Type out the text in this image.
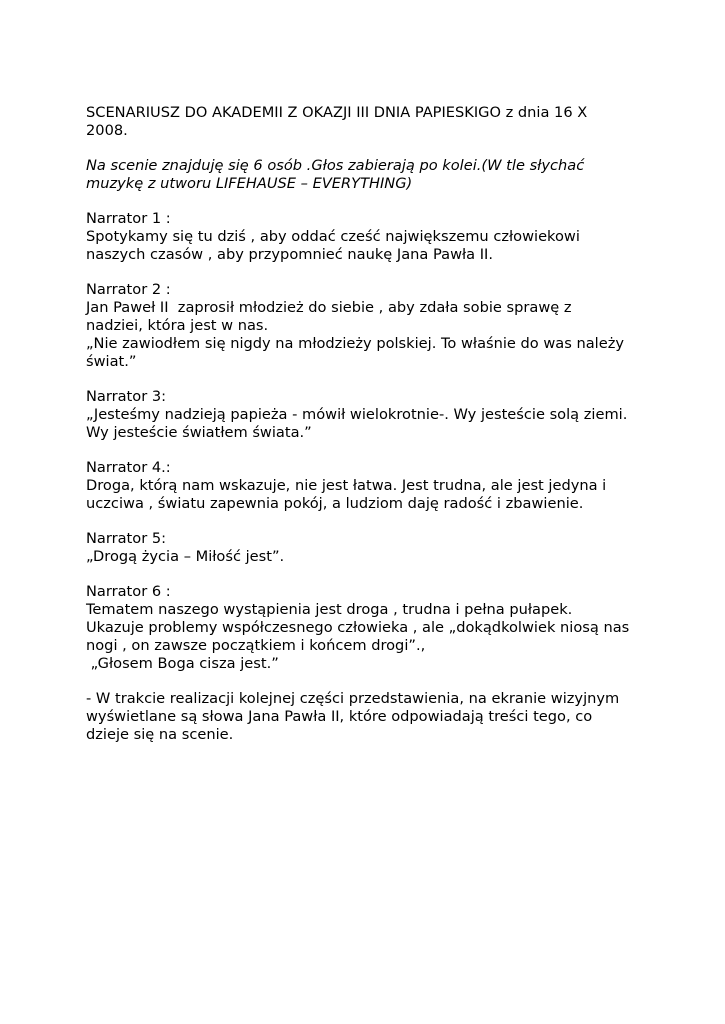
SCENARIUSZ DO AKADEMII Z OKAZJI III DNIA PAPIESKIGO z dnia 16 X
2008.
Na scenie znajduję się 6 osób .Głos zabierają po kolei.(W tle słychać
muzykę z utworu LIFEHAUSE – EVERYTHING)
Narrator 1 :
Spotykamy się tu dziś , aby oddać cześć największemu człowiekowi
naszych czasów , aby przypomnieć naukę Jana Pawła II.
Narrator 2 :
Jan Paweł II  zaprosił młodzież do siebie , aby zdała sobie sprawę z
nadziei, która jest w nas.
„Nie zawiodłem się nigdy na młodzieży polskiej. To właśnie do was należy
świat.”
Narrator 3:
„Jesteśmy nadzieją papieża - mówił wielokrotnie-. Wy jesteście solą ziemi.
Wy jesteście światłem świata.”
Narrator 4.:
Droga, którą nam wskazuje, nie jest łatwa. Jest trudna, ale jest jedyna i
uczciwa , światu zapewnia pokój, a ludziom daję radość i zbawienie.
Narrator 5:
„Drogą życia – Miłość jest”.
Narrator 6 :
Tematem naszego wystąpienia jest droga , trudna i pełna pułapek.
Ukazuje problemy współczesnego człowieka , ale „dokądkolwiek niosą nas
nogi , on zawsze początkiem i końcem drogi”.,
„Głosem Boga cisza jest.”
- W trakcie realizacji kolejnej części przedstawienia, na ekranie wizyjnym
wyświetlane są słowa Jana Pawła II, które odpowiadają treści tego, co
dzieje się na scenie.
